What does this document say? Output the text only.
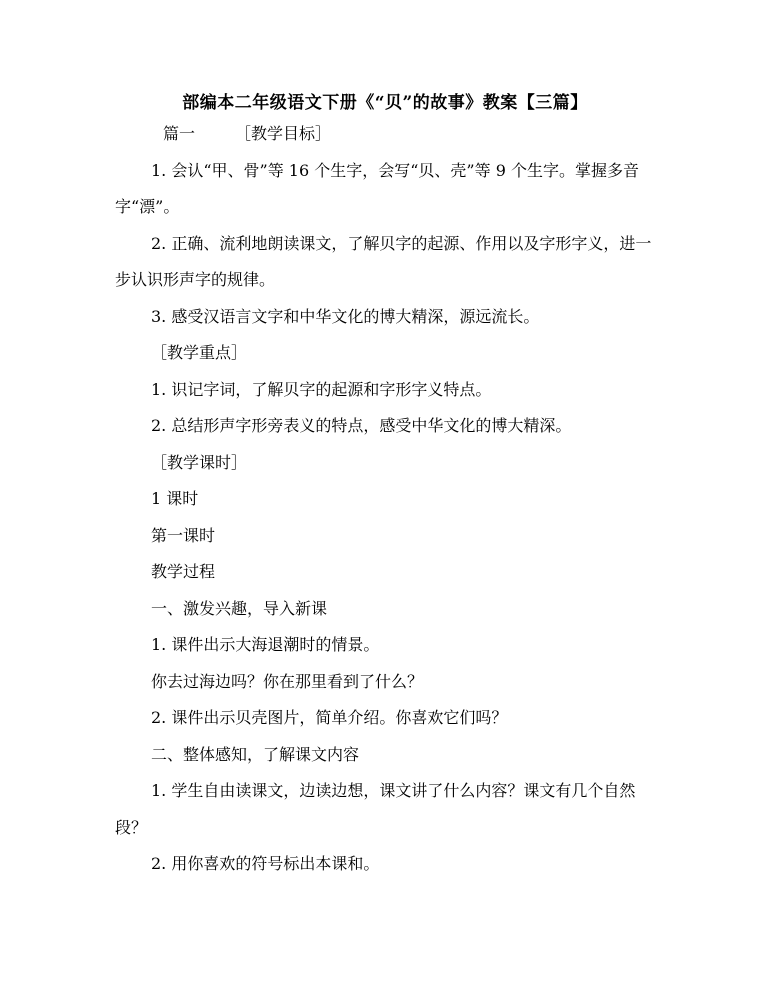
部编本二年级语文下册《“贝”的故事》教案【三篇】

篇一	［教学目标］

1. 会认“甲、骨”等 16 个生字，会写“贝、壳”等 9 个生字。掌握多音字“漂”。

2. 正确、流利地朗读课文，了解贝字的起源、作用以及字形字义，进一步认识形声字的规律。

3. 感受汉语言文字和中华文化的博大精深，源远流长。

［教学重点］

1. 识记字词，了解贝字的起源和字形字义特点。

2. 总结形声字形旁表义的特点，感受中华文化的博大精深。

［教学课时］

1 课时

第一课时

教学过程

一、激发兴趣，导入新课

1. 课件出示大海退潮时的情景。

你去过海边吗？你在那里看到了什么？

2. 课件出示贝壳图片，简单介绍。你喜欢它们吗？

二、整体感知，了解课文内容

1. 学生自由读课文，边读边想，课文讲了什么内容？课文有几个自然段？

2. 用你喜欢的符号标出本课和。
